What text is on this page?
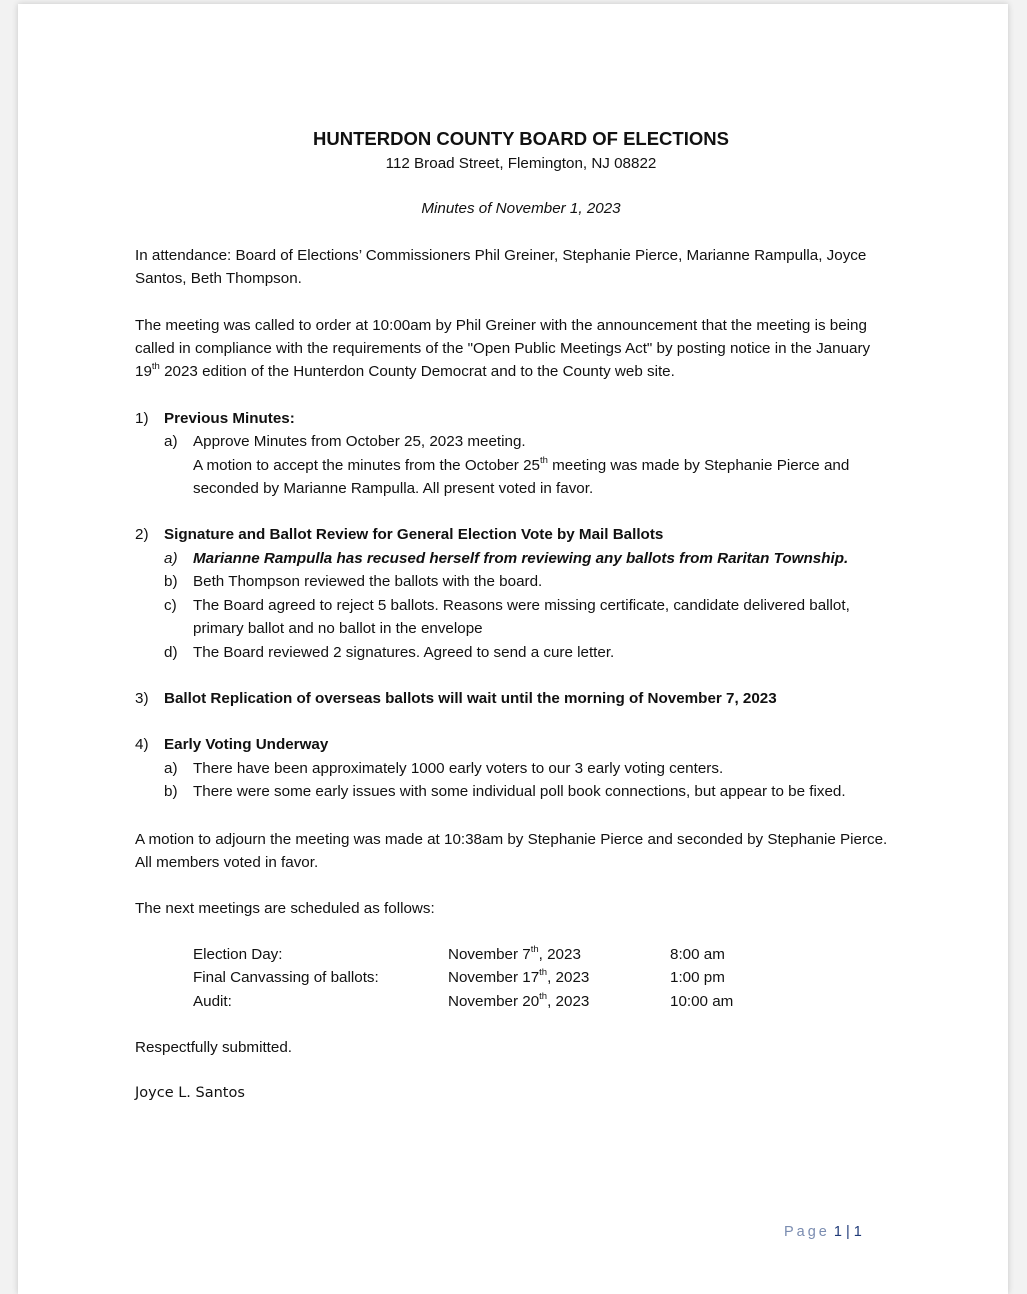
HUNTERDON COUNTY BOARD OF ELECTIONS
112 Broad Street, Flemington, NJ 08822
Minutes of November 1, 2023
In attendance: Board of Elections’ Commissioners Phil Greiner, Stephanie Pierce, Marianne Rampulla, Joyce Santos, Beth Thompson.
The meeting was called to order at 10:00am by Phil Greiner with the announcement that the meeting is being called in compliance with the requirements of the "Open Public Meetings Act" by posting notice in the January 19th 2023 edition of the Hunterdon County Democrat and to the County web site.
1)	Previous Minutes:
a)	Approve Minutes from October 25, 2023 meeting.
A motion to accept the minutes from the October 25th meeting was made by Stephanie Pierce and seconded by Marianne Rampulla. All present voted in favor.
2)	Signature and Ballot Review for General Election Vote by Mail Ballots
a)	Marianne Rampulla has recused herself from reviewing any ballots from Raritan Township.
b)	Beth Thompson reviewed the ballots with the board.
c)	The Board agreed to reject 5 ballots. Reasons were missing certificate, candidate delivered ballot, primary ballot and no ballot in the envelope
d)	The Board reviewed 2 signatures. Agreed to send a cure letter.
3)	Ballot Replication of overseas ballots will wait until the morning of November 7, 2023
4)	Early Voting Underway
a)	There have been approximately 1000 early voters to our 3 early voting centers.
b)	There were some early issues with some individual poll book connections, but appear to be fixed.
A motion to adjourn the meeting was made at 10:38am by Stephanie Pierce and seconded by Stephanie Pierce. All members voted in favor.
The next meetings are scheduled as follows:
Election Day:	November 7th, 2023	8:00 am
Final Canvassing of ballots:	November 17th, 2023	1:00 pm
Audit:	November 20th, 2023	10:00 am
Respectfully submitted.
Joyce L. Santos
Page 1 | 1
